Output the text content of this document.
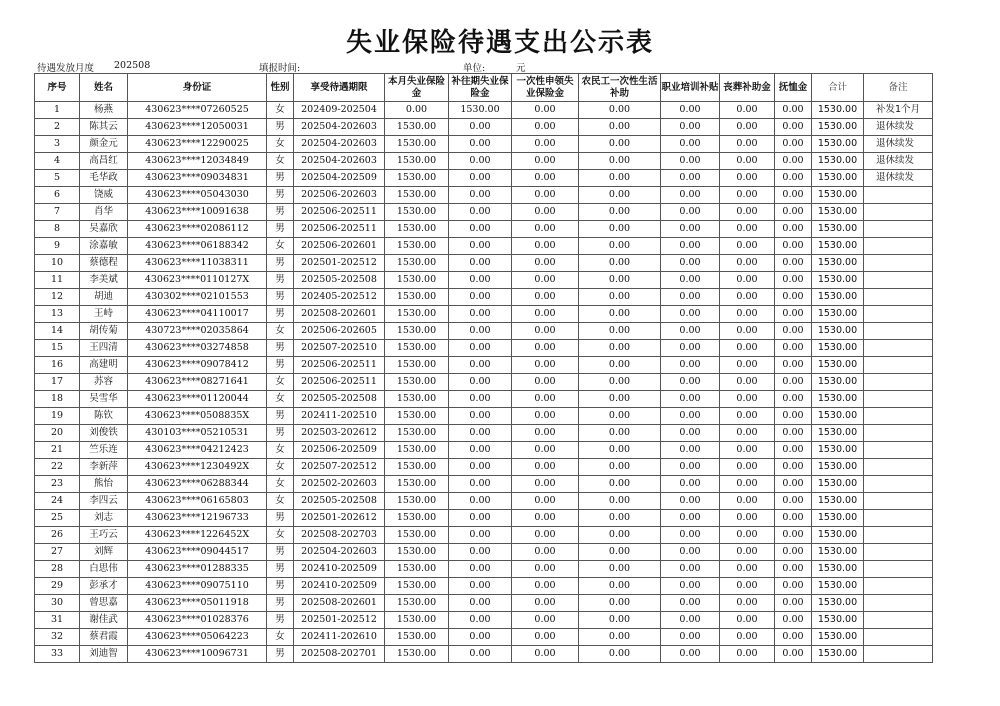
失业保险待遇支出公示表
待遇发放月度 202508	填报时间:	单位:	元
序号	姓名	身份证	性别	享受待遇期限	本月失业保险金	补往期失业保险金	一次性申领失业保险金	农民工一次性生活补助	职业培训补贴	丧葬补助金	抚恤金	合计	备注
1	杨燕	430623****07260525	女	202409-202504	0.00	1530.00	0.00	0.00	0.00	0.00	0.00	1530.00	补发1个月
2	陈其云	430623****12050031	男	202504-202603	1530.00	0.00	0.00	0.00	0.00	0.00	0.00	1530.00	退休续发
3	颜金元	430623****12290025	女	202504-202603	1530.00	0.00	0.00	0.00	0.00	0.00	0.00	1530.00	退休续发
4	高昌红	430623****12034849	女	202504-202603	1530.00	0.00	0.00	0.00	0.00	0.00	0.00	1530.00	退休续发
5	毛华政	430623****09034831	男	202504-202509	1530.00	0.00	0.00	0.00	0.00	0.00	0.00	1530.00	退休续发
6	饶威	430623****05043030	男	202506-202603	1530.00	0.00	0.00	0.00	0.00	0.00	0.00	1530.00	
7	肖华	430623****10091638	男	202506-202511	1530.00	0.00	0.00	0.00	0.00	0.00	0.00	1530.00	
8	吴嘉欣	430623****02086112	男	202506-202511	1530.00	0.00	0.00	0.00	0.00	0.00	0.00	1530.00	
9	涂嘉敏	430623****06188342	女	202506-202601	1530.00	0.00	0.00	0.00	0.00	0.00	0.00	1530.00	
10	蔡德程	430623****11038311	男	202501-202512	1530.00	0.00	0.00	0.00	0.00	0.00	0.00	1530.00	
11	李美斌	430623****0110127X	男	202505-202508	1530.00	0.00	0.00	0.00	0.00	0.00	0.00	1530.00	
12	胡迪	430302****02101553	男	202405-202512	1530.00	0.00	0.00	0.00	0.00	0.00	0.00	1530.00	
13	王峙	430623****04110017	男	202508-202601	1530.00	0.00	0.00	0.00	0.00	0.00	0.00	1530.00	
14	胡传菊	430723****02035864	女	202506-202605	1530.00	0.00	0.00	0.00	0.00	0.00	0.00	1530.00	
15	王四清	430623****03274858	男	202507-202510	1530.00	0.00	0.00	0.00	0.00	0.00	0.00	1530.00	
16	高建明	430623****09078412	男	202506-202511	1530.00	0.00	0.00	0.00	0.00	0.00	0.00	1530.00	
17	苏容	430623****08271641	女	202506-202511	1530.00	0.00	0.00	0.00	0.00	0.00	0.00	1530.00	
18	吴雪华	430623****01120044	女	202505-202508	1530.00	0.00	0.00	0.00	0.00	0.00	0.00	1530.00	
19	陈钦	430623****0508835X	男	202411-202510	1530.00	0.00	0.00	0.00	0.00	0.00	0.00	1530.00	
20	刘俊铁	430103****05210531	男	202503-202612	1530.00	0.00	0.00	0.00	0.00	0.00	0.00	1530.00	
21	竺乐连	430623****04212423	女	202506-202509	1530.00	0.00	0.00	0.00	0.00	0.00	0.00	1530.00	
22	李新萍	430623****1230492X	女	202507-202512	1530.00	0.00	0.00	0.00	0.00	0.00	0.00	1530.00	
23	熊怡	430623****06288344	女	202502-202603	1530.00	0.00	0.00	0.00	0.00	0.00	0.00	1530.00	
24	李四云	430623****06165803	女	202505-202508	1530.00	0.00	0.00	0.00	0.00	0.00	0.00	1530.00	
25	刘志	430623****12196733	男	202501-202612	1530.00	0.00	0.00	0.00	0.00	0.00	0.00	1530.00	
26	王巧云	430623****1226452X	女	202508-202703	1530.00	0.00	0.00	0.00	0.00	0.00	0.00	1530.00	
27	刘辉	430623****09044517	男	202504-202603	1530.00	0.00	0.00	0.00	0.00	0.00	0.00	1530.00	
28	白思伟	430623****01288335	男	202410-202509	1530.00	0.00	0.00	0.00	0.00	0.00	0.00	1530.00	
29	彭承才	430623****09075110	男	202410-202509	1530.00	0.00	0.00	0.00	0.00	0.00	0.00	1530.00	
30	曾思嘉	430623****05011918	男	202508-202601	1530.00	0.00	0.00	0.00	0.00	0.00	0.00	1530.00	
31	谢佳武	430623****01028376	男	202501-202512	1530.00	0.00	0.00	0.00	0.00	0.00	0.00	1530.00	
32	蔡君霞	430623****05064223	女	202411-202610	1530.00	0.00	0.00	0.00	0.00	0.00	0.00	1530.00	
33	刘迪智	430623****10096731	男	202508-202701	1530.00	0.00	0.00	0.00	0.00	0.00	0.00	1530.00	
